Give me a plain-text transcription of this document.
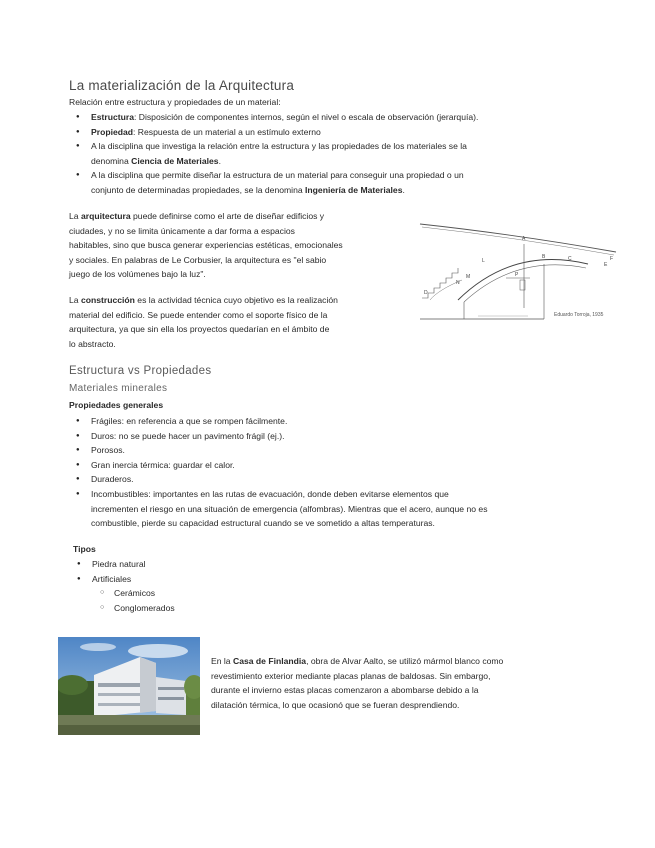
La materialización de la Arquitectura
Relación entre estructura y propiedades de un material:
● Estructura: Disposición de componentes internos, según el nivel o escala de observación (jerarquía).
● Propiedad: Respuesta de un material a un estímulo externo
● A la disciplina que investiga la relación entre la estructura y las propiedades de los materiales se la
denomina Ciencia de Materiales.
● A la disciplina que permite diseñar la estructura de un material para conseguir una propiedad o un
conjunto de determinadas propiedades, se la denomina Ingeniería de Materiales.
La arquitectura puede definirse como el arte de diseñar edificios y
ciudades, y no se limita únicamente a dar forma a espacios
habitables, sino que busca generar experiencias estéticas, emocionales
y sociales. En palabras de Le Corbusier, la arquitectura es "el sabio
juego de los volúmenes bajo la luz".
La construcción es la actividad técnica cuyo objetivo es la realización
material del edificio. Se puede entender como el soporte físico de la
arquitectura, ya que sin ella los proyectos quedarían en el ámbito de
lo abstracto.
A
B	C
D
E
F
L
M
N
P
Eduardo Torroja, 1935
Estructura vs Propiedades
Materiales minerales
Propiedades generales
● Frágiles: en referencia a que se rompen fácilmente.
● Duros: no se puede hacer un pavimento frágil (ej.).
● Porosos.
● Gran inercia térmica: guardar el calor.
● Duraderos.
● Incombustibles: importantes en las rutas de evacuación, donde deben evitarse elementos que
incrementen el riesgo en una situación de emergencia (alfombras). Mientras que el acero, aunque no es
combustible, pierde su capacidad estructural cuando se ve sometido a altas temperaturas.
Tipos
● Piedra natural
● Artificiales
○ Cerámicos
○ Conglomerados
En la Casa de Finlandia, obra de Alvar Aalto, se utilizó mármol blanco como
revestimiento exterior mediante placas planas de baldosas. Sin embargo,
durante el invierno estas placas comenzaron a abombarse debido a la
dilatación térmica, lo que ocasionó que se fueran desprendiendo.
